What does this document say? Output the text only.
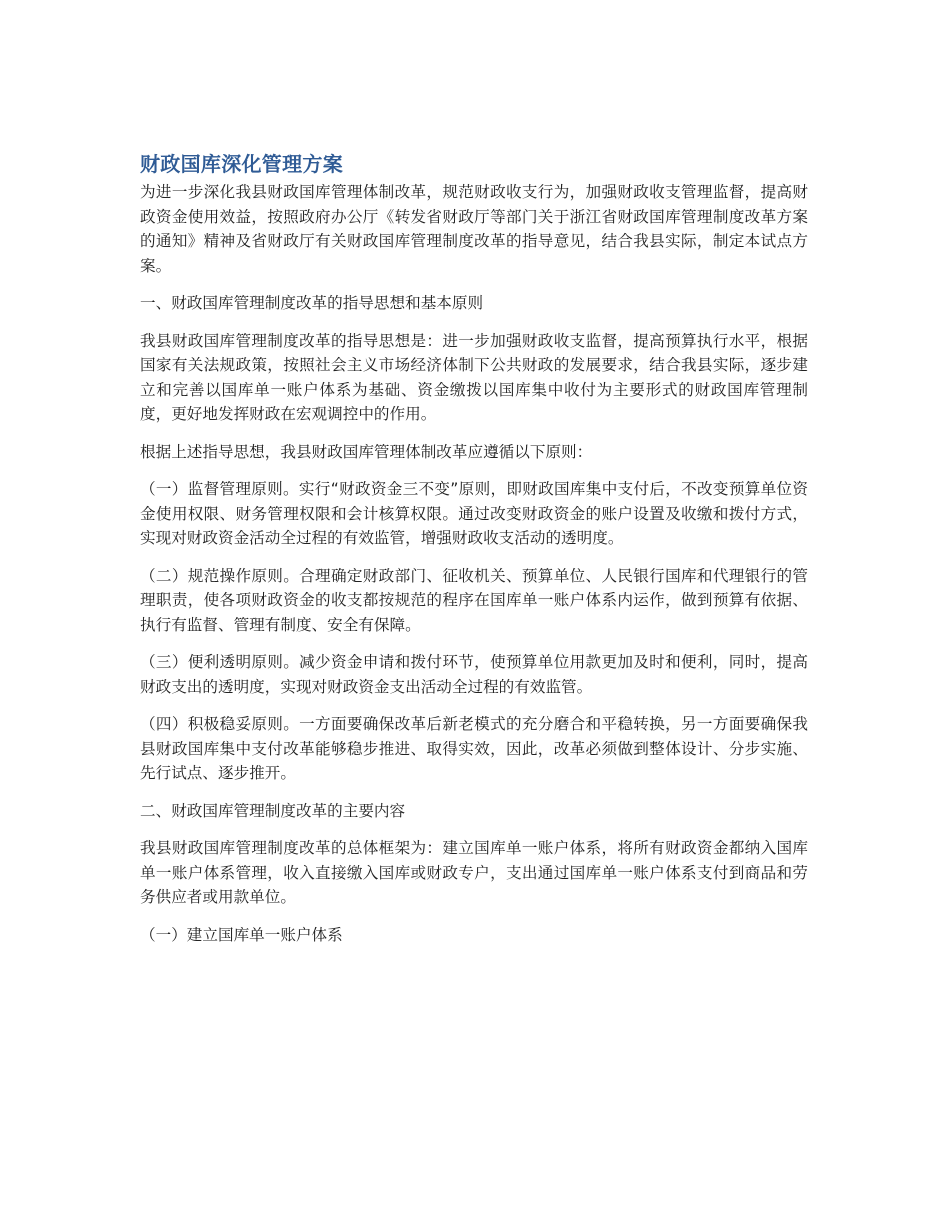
财政国库深化管理方案

为进一步深化我县财政国库管理体制改革，规范财政收支行为，加强财政收支管理监督，提高财政资金使用效益，按照政府办公厅《转发省财政厅等部门关于浙江省财政国库管理制度改革方案的通知》精神及省财政厅有关财政国库管理制度改革的指导意见，结合我县实际，制定本试点方案。

一、财政国库管理制度改革的指导思想和基本原则

我县财政国库管理制度改革的指导思想是：进一步加强财政收支监督，提高预算执行水平，根据国家有关法规政策，按照社会主义市场经济体制下公共财政的发展要求，结合我县实际，逐步建立和完善以国库单一账户体系为基础、资金缴拨以国库集中收付为主要形式的财政国库管理制度，更好地发挥财政在宏观调控中的作用。

根据上述指导思想，我县财政国库管理体制改革应遵循以下原则：

（一）监督管理原则。实行“财政资金三不变”原则，即财政国库集中支付后，不改变预算单位资金使用权限、财务管理权限和会计核算权限。通过改变财政资金的账户设置及收缴和拨付方式，实现对财政资金活动全过程的有效监管，增强财政收支活动的透明度。

（二）规范操作原则。合理确定财政部门、征收机关、预算单位、人民银行国库和代理银行的管理职责，使各项财政资金的收支都按规范的程序在国库单一账户体系内运作，做到预算有依据、执行有监督、管理有制度、安全有保障。

（三）便利透明原则。减少资金申请和拨付环节，使预算单位用款更加及时和便利，同时，提高财政支出的透明度，实现对财政资金支出活动全过程的有效监管。

（四）积极稳妥原则。一方面要确保改革后新老模式的充分磨合和平稳转换，另一方面要确保我县财政国库集中支付改革能够稳步推进、取得实效，因此，改革必须做到整体设计、分步实施、先行试点、逐步推开。

二、财政国库管理制度改革的主要内容

我县财政国库管理制度改革的总体框架为：建立国库单一账户体系，将所有财政资金都纳入国库单一账户体系管理，收入直接缴入国库或财政专户，支出通过国库单一账户体系支付到商品和劳务供应者或用款单位。

（一）建立国库单一账户体系
